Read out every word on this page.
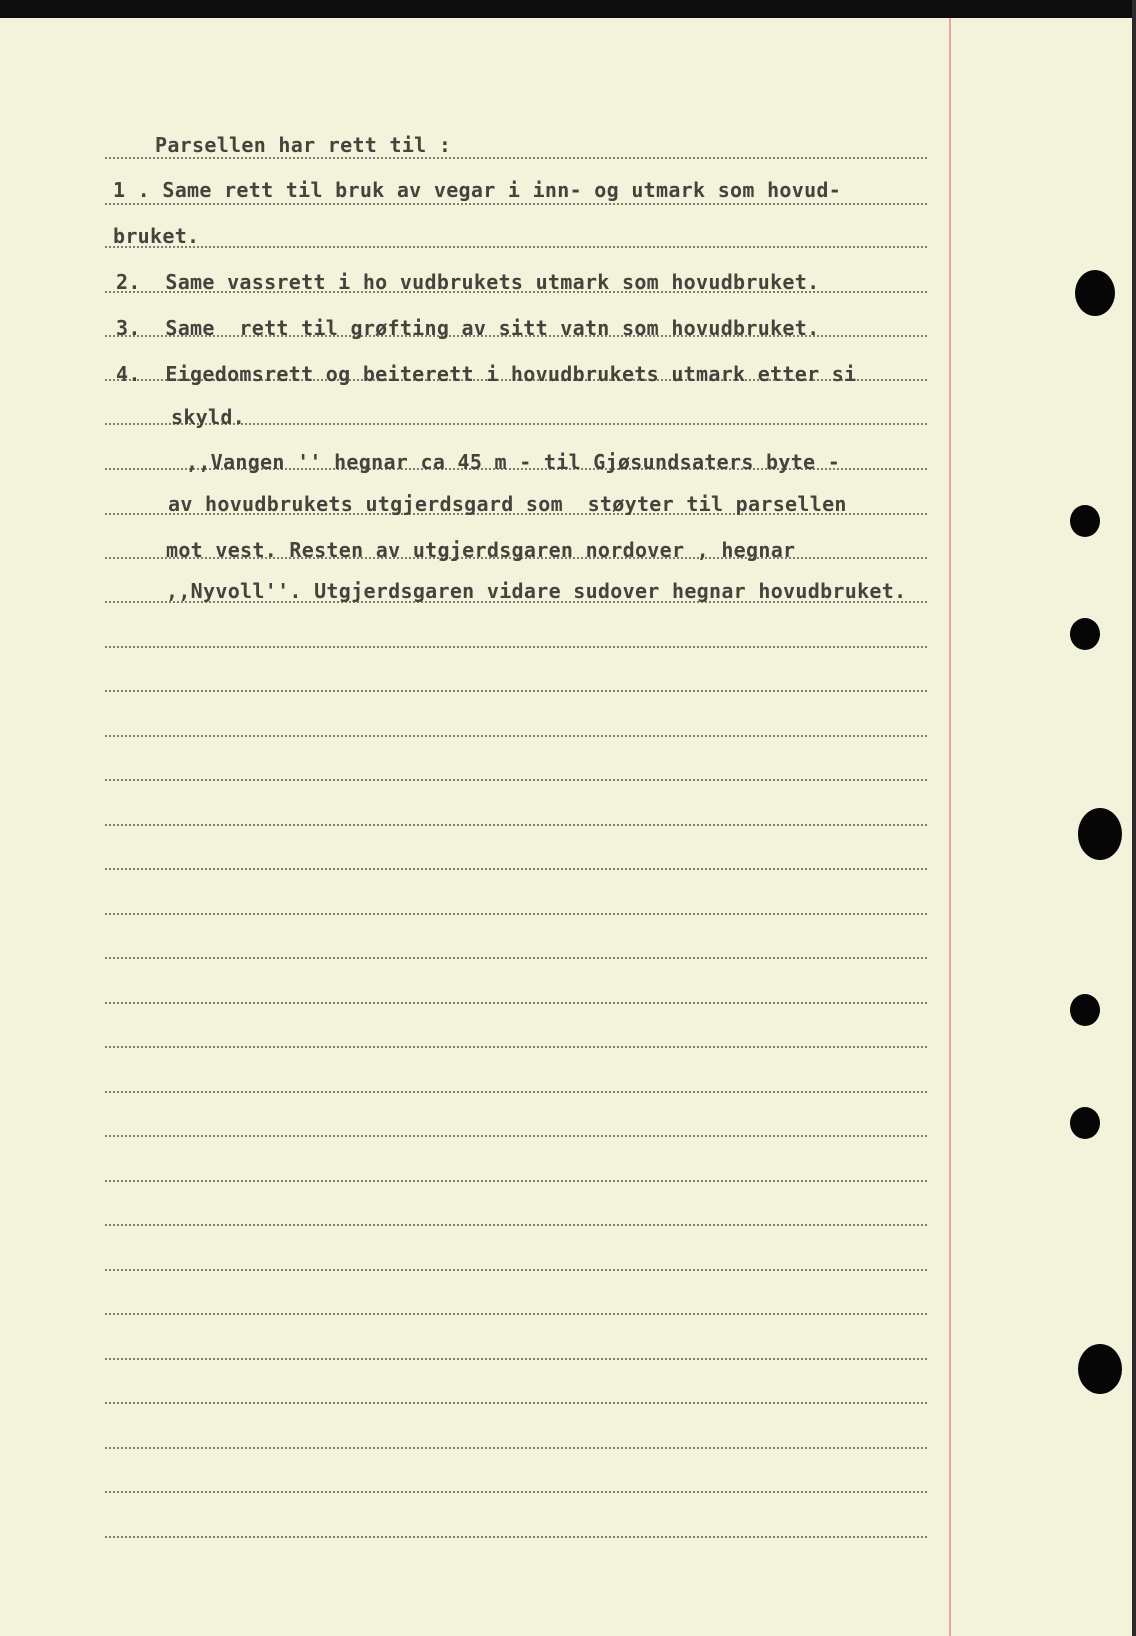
Parsellen har rett til :

1 . Same rett til bruk av vegar i inn- og utmark som hovud-

bruket.

2.  Same vassrett i ho vudbrukets utmark som hovudbruket.

3.  Same  rett til grøfting av sitt vatn som hovudbruket.

4.  Eigedomsrett og beiterett i hovudbrukets utmark etter si

skyld.

,,Vangen '' hegnar ca 45 m - til Gjøsundsaters byte -

av hovudbrukets utgjerdsgard som  støyter til parsellen

mot vest. Resten av utgjerdsgaren nordover , hegnar

,,Nyvoll''. Utgjerdsgaren vidare sudover hegnar hovudbruket.
